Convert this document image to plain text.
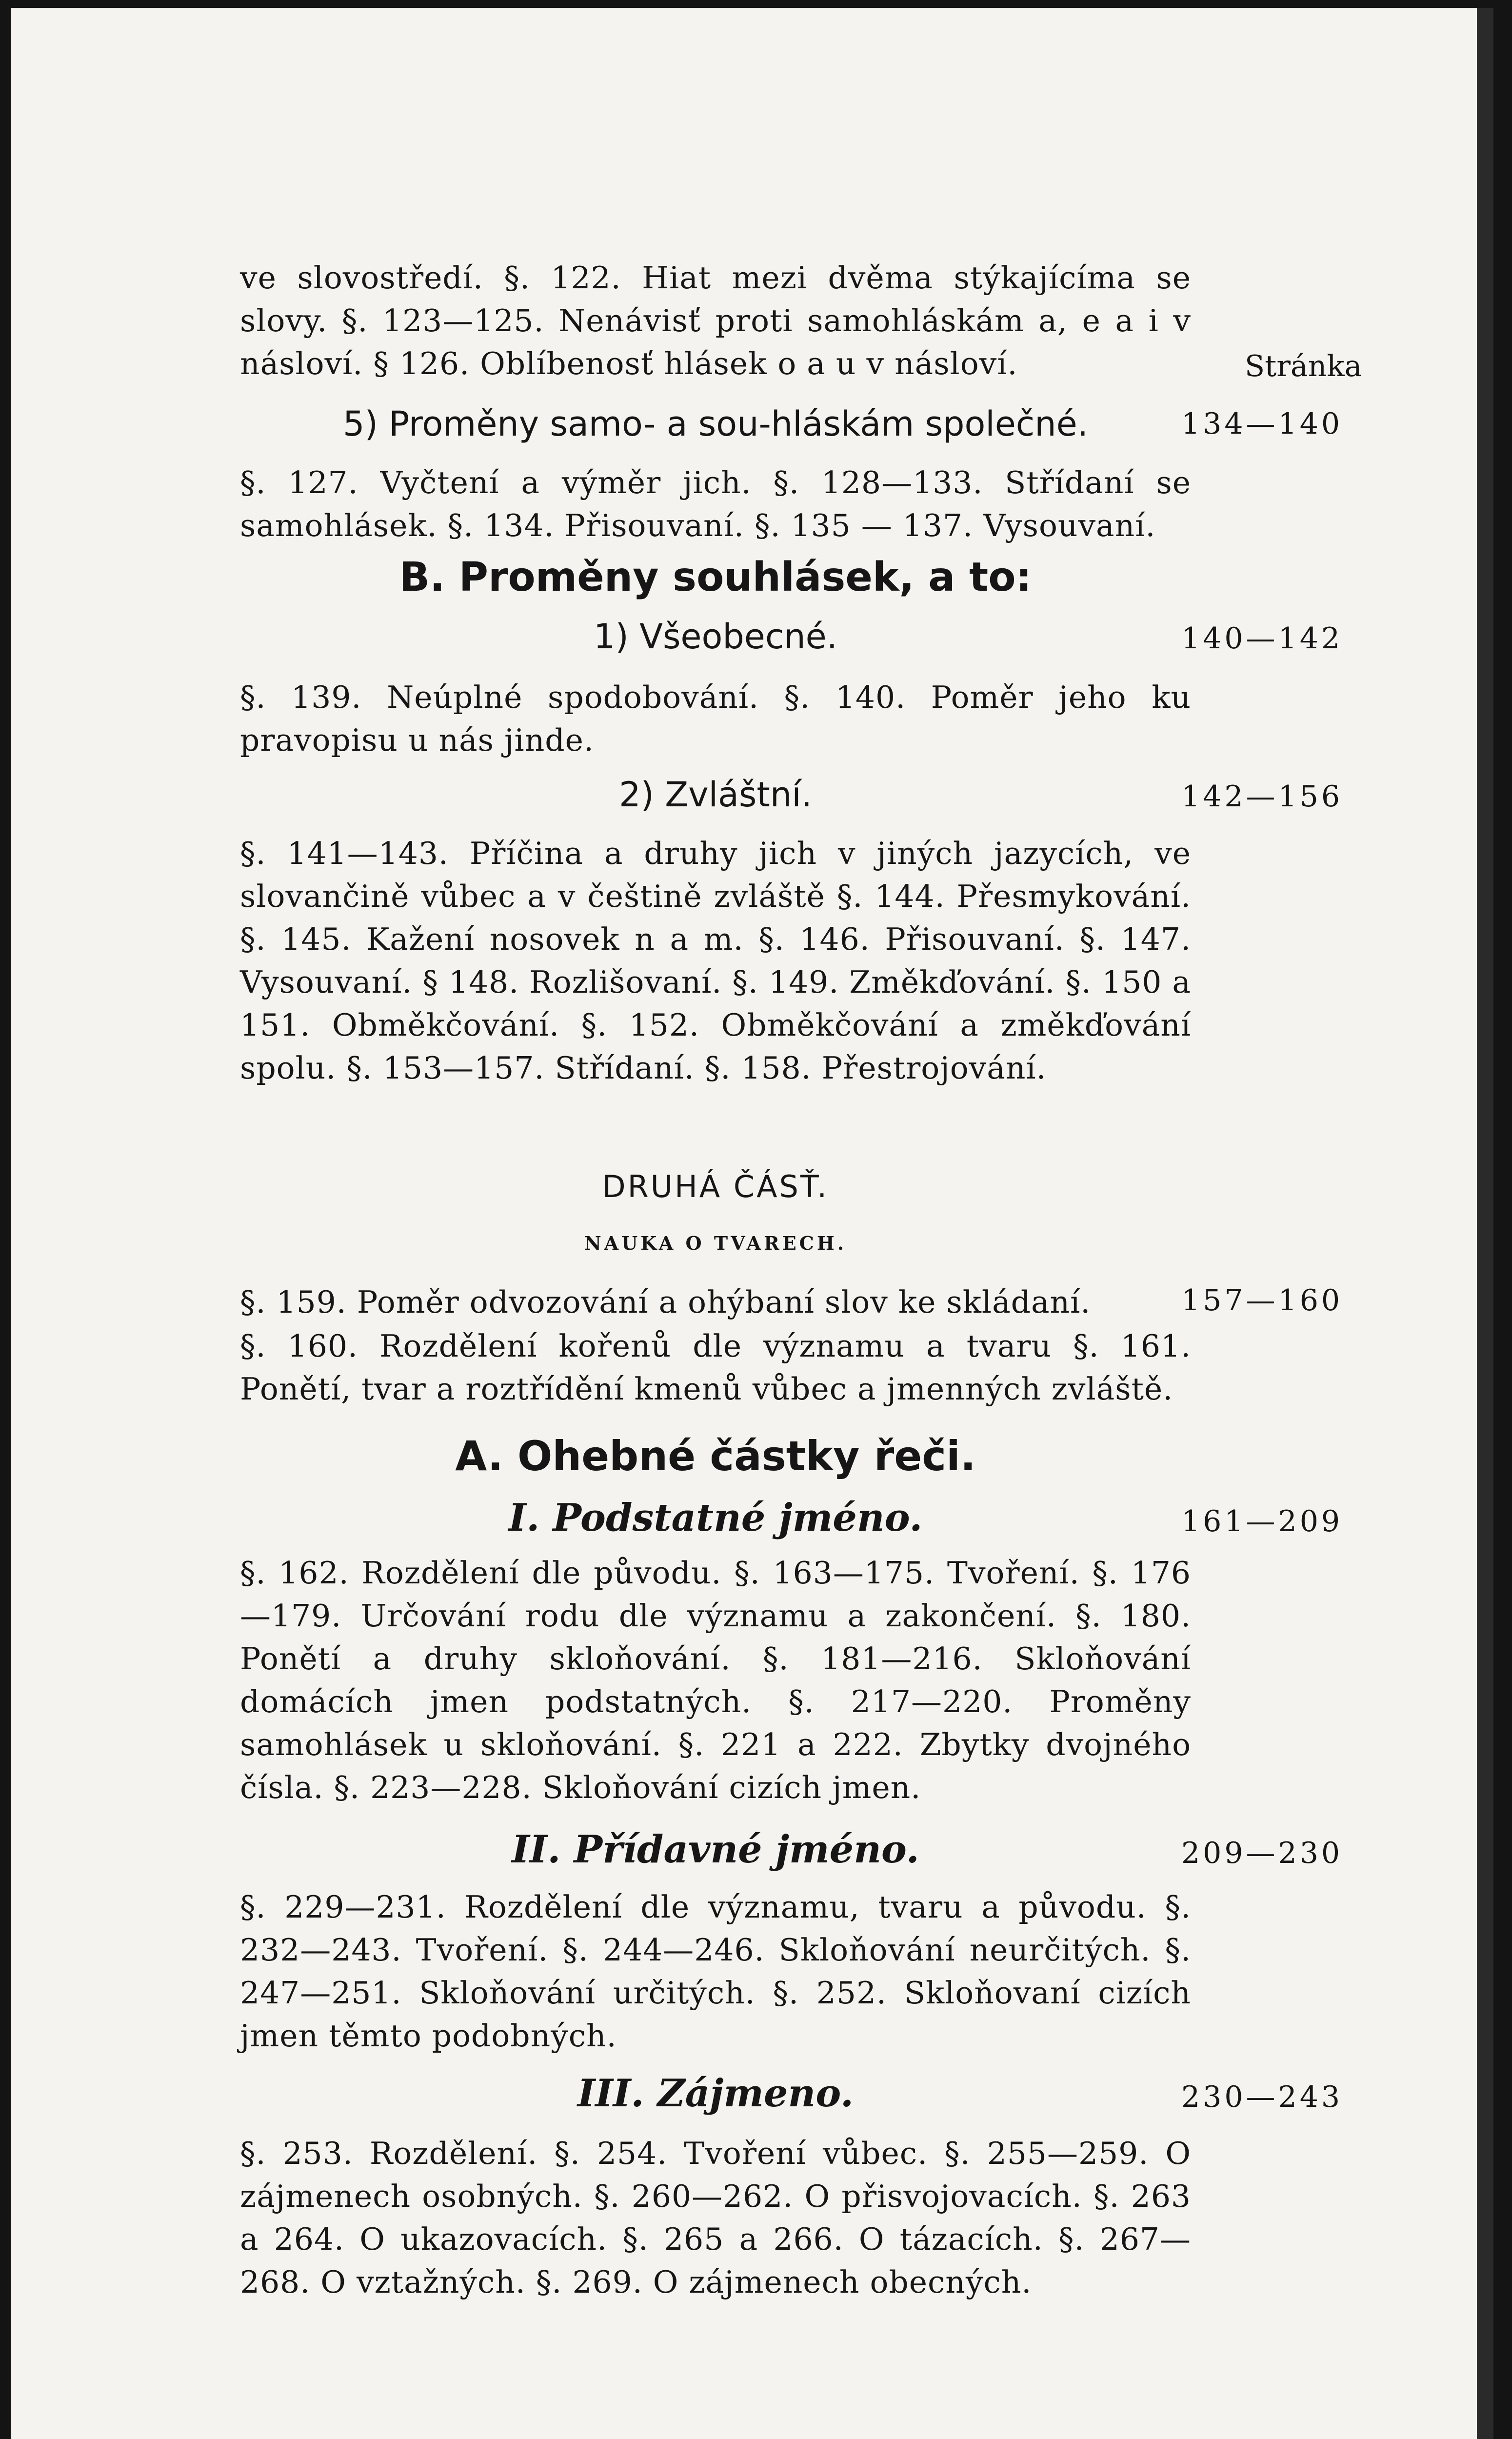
ve slovostředí. §. 122. Hiat mezi dvěma stýkajícíma se slovy. §. 123—125. Nenávisť proti samohláskám a, e a i v násloví. § 126. Oblíbenosť hlásek o a u v násloví.	Stránka
5) Proměny samo- a sou-hláskám společné.	134—140

§. 127. Vyčtení a výměr jich. §. 128—133. Střídaní se samohlásek. §. 134. Přisouvaní. §. 135 — 137. Vysouvaní.

B. Proměny souhlásek, a to:
1) Všeobecné.	140—142

§. 139. Neúplné spodobování. §. 140. Poměr jeho ku pravopisu u nás jinde.

2) Zvláštní.	142—156

§. 141—143. Příčina a druhy jich v jiných jazycích, ve slovančině vůbec a v češtině zvláště §. 144. Přesmykování. §. 145. Kažení nosovek n a m. §. 146. Přisouvaní. §. 147. Vysouvaní. § 148. Rozlišovaní. §. 149. Změkďování. §. 150 a 151. Obměkčování. §. 152. Obměkčování a změkďování spolu. §. 153—157. Střídaní. §. 158. Přestrojování.

DRUHÁ ČÁSŤ.
NAUKA O TVARECH.

§. 159. Poměr odvozování a ohýbaní slov ke skládaní.	157—160

§. 160. Rozdělení kořenů dle významu a tvaru §. 161. Ponětí, tvar a roztřídění kmenů vůbec a jmenných zvláště.

A. Ohebné částky řeči.
I. Podstatné jméno.	161—209

§. 162. Rozdělení dle původu. §. 163—175. Tvoření. §. 176—179. Určování rodu dle významu a zakončení. §. 180. Ponětí a druhy skloňování. §. 181—216. Skloňování domácích jmen podstatných. §. 217—220. Proměny samohlásek u skloňování. §. 221 a 222. Zbytky dvojného čísla. §. 223—228. Skloňování cizích jmen.

II. Přídavné jméno.	209—230

§. 229—231. Rozdělení dle významu, tvaru a původu. §. 232—243. Tvoření. §. 244—246. Skloňování neurčitých. §. 247—251. Skloňování určitých. §. 252. Skloňovaní cizích jmen těmto podobných.

III. Zájmeno.	230—243

§. 253. Rozdělení. §. 254. Tvoření vůbec. §. 255—259. O zájmenech osobných. §. 260—262. O přisvojovacích. §. 263 a 264. O ukazovacích. §. 265 a 266. O tázacích. §. 267—268. O vztažných. §. 269. O zájmenech obecných.
